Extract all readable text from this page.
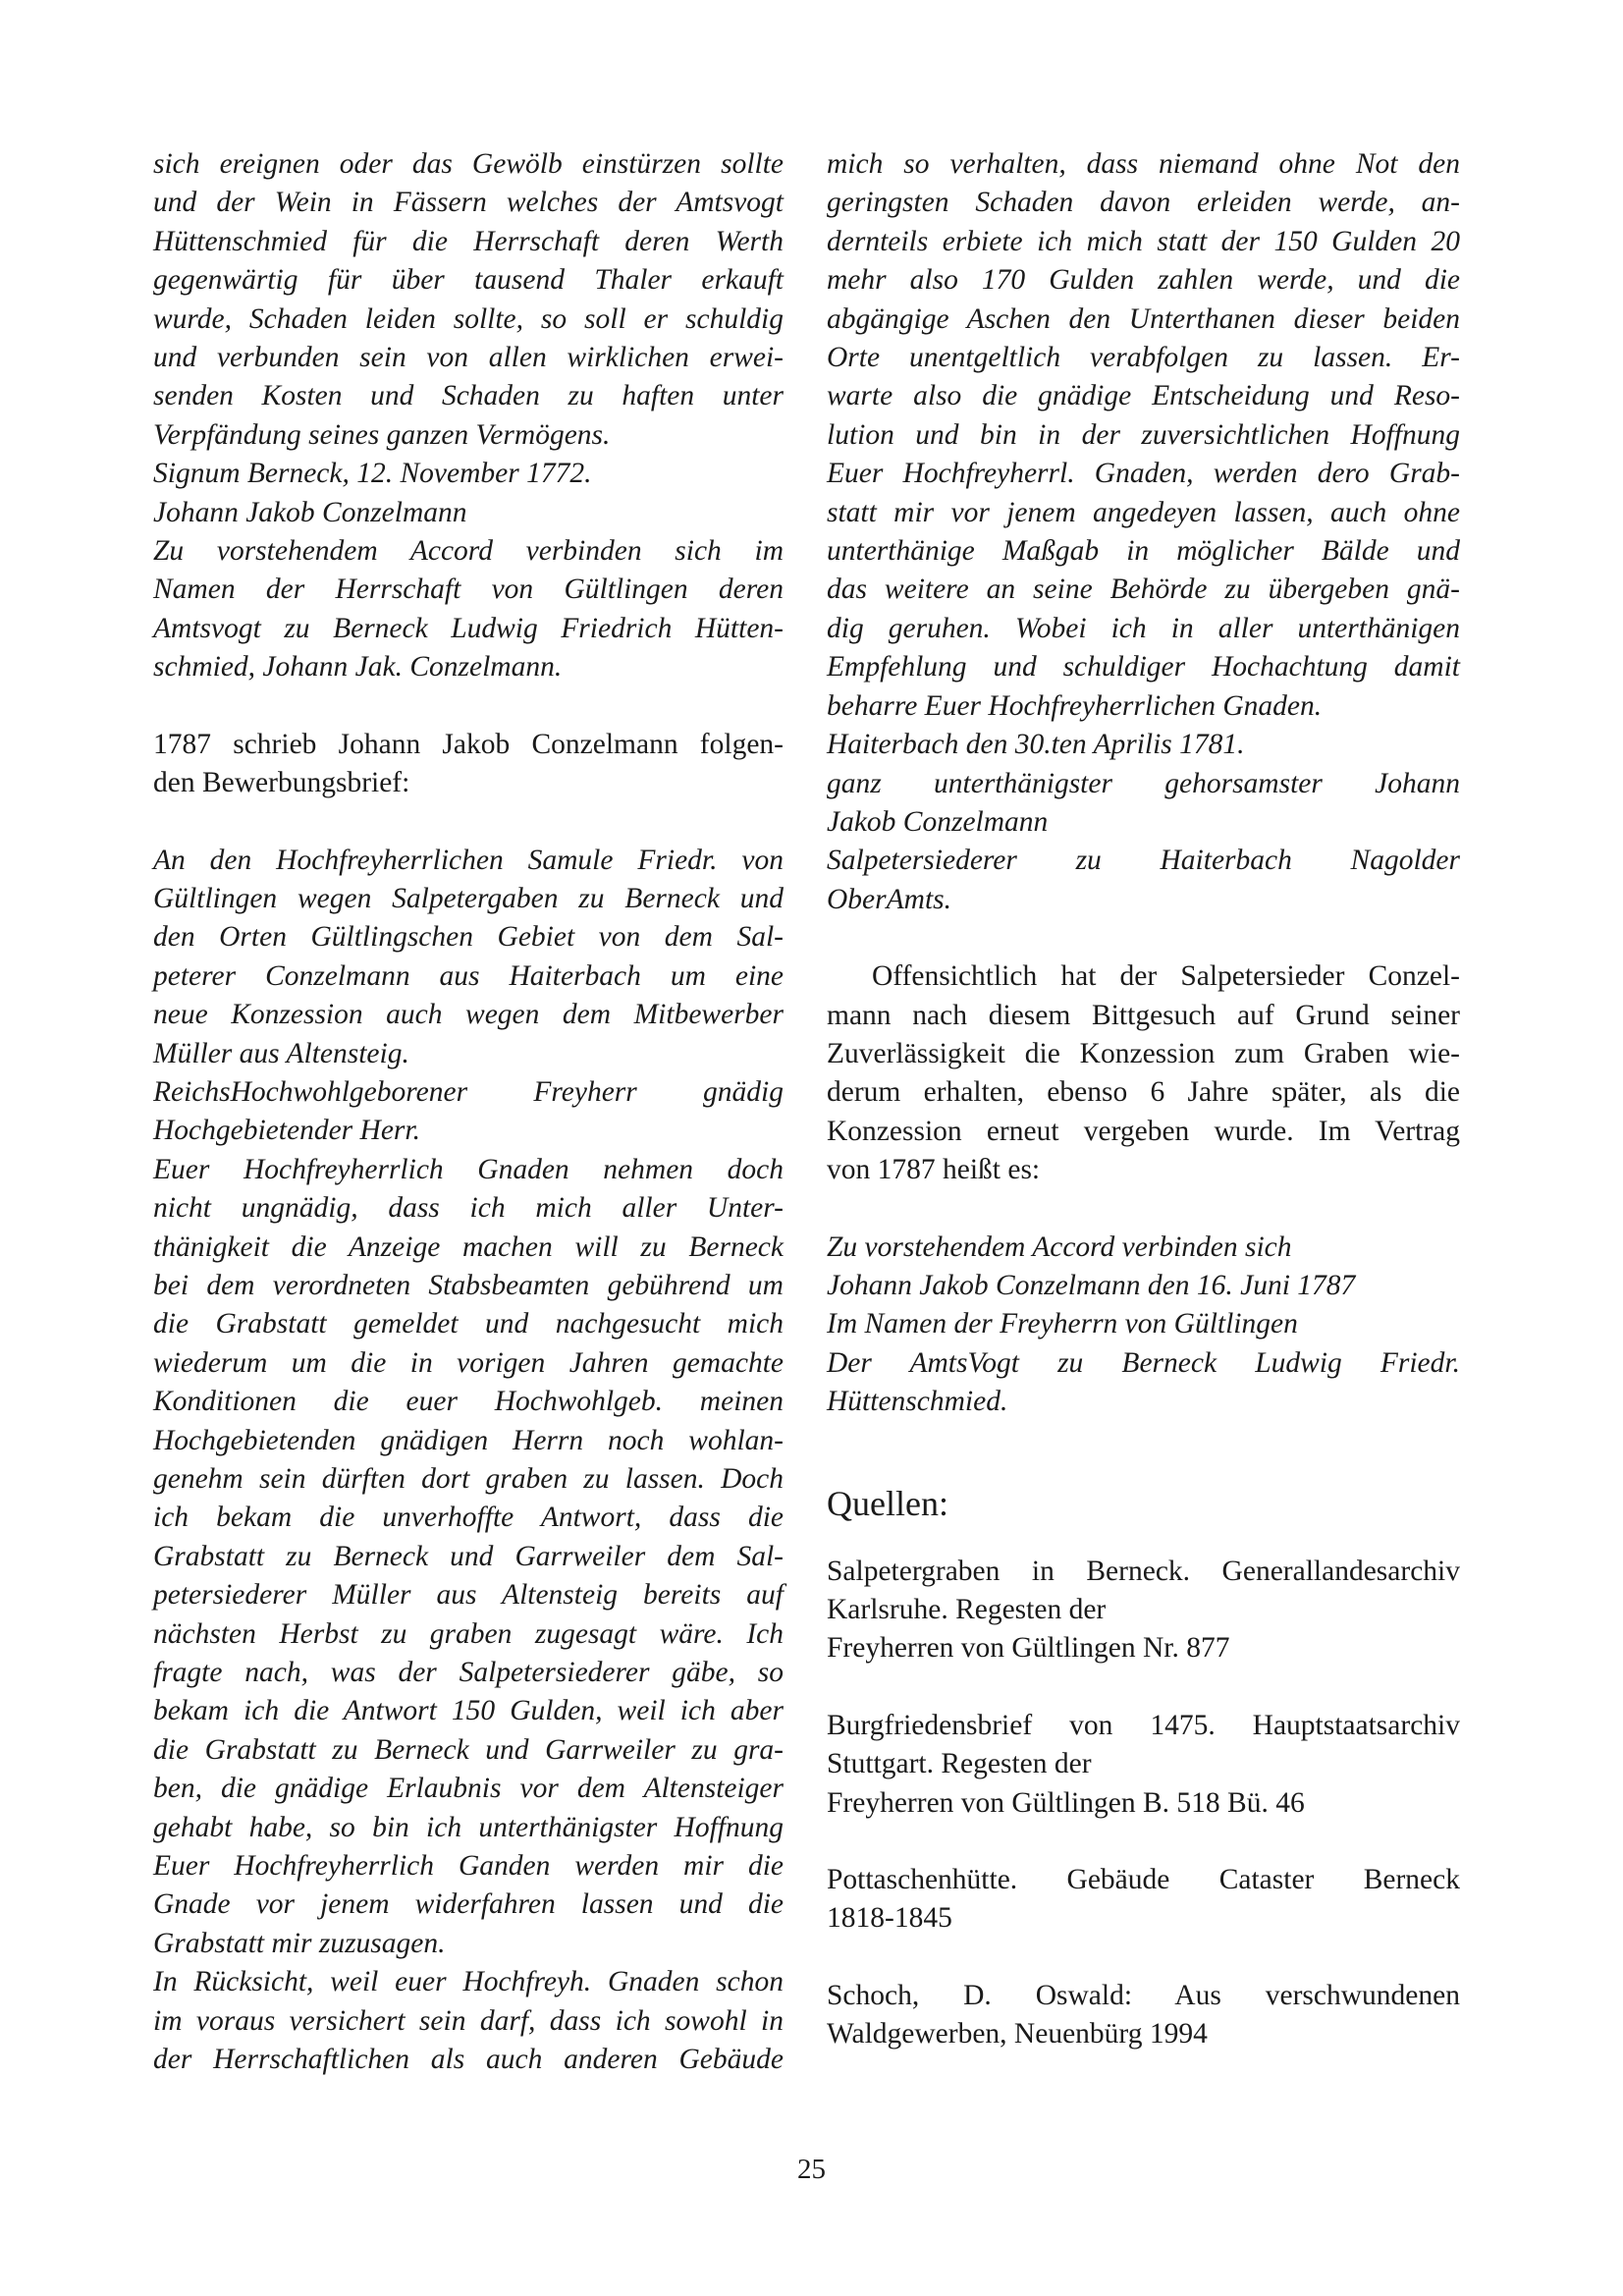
sich ereignen oder das Gewölb einstürzen sollte

und der Wein in Fässern welches der Amtsvogt

Hüttenschmied für die Herrschaft deren Werth

gegenwärtig für über tausend Thaler erkauft

wurde, Schaden leiden sollte, so soll er schuldig

und verbunden sein von allen wirklichen erwei-

senden Kosten und Schaden zu haften unter

Verpfändung seines ganzen Vermögens.

Signum Berneck, 12. November 1772.

Johann Jakob Conzelmann

Zu vorstehendem Accord verbinden sich im

Namen der Herrschaft von Gültlingen deren

Amtsvogt zu Berneck Ludwig Friedrich Hütten-

schmied, Johann Jak. Conzelmann.

1787 schrieb Johann Jakob Conzelmann folgen-

den Bewerbungsbrief:

An den Hochfreyherrlichen Samule Friedr. von

Gültlingen wegen Salpetergaben zu Berneck und

den Orten Gültlingschen Gebiet von dem Sal-

peterer Conzelmann aus Haiterbach um eine

neue Konzession auch wegen dem Mitbewerber

Müller aus Altensteig.

ReichsHochwohlgeborener Freyherr gnädig

Hochgebietender Herr.

Euer Hochfreyherrlich Gnaden nehmen doch

nicht ungnädig, dass ich mich aller Unter-

thänigkeit die Anzeige machen will zu Berneck

bei dem verordneten Stabsbeamten gebührend um

die Grabstatt gemeldet und nachgesucht mich

wiederum um die in vorigen Jahren gemachte

Konditionen die euer Hochwohlgeb. meinen

Hochgebietenden gnädigen Herrn noch wohlan-

genehm sein dürften dort graben zu lassen. Doch

ich bekam die unverhoffte Antwort, dass die

Grabstatt zu Berneck und Garrweiler dem Sal-

petersiederer Müller aus Altensteig bereits auf

nächsten Herbst zu graben zugesagt wäre. Ich

fragte nach, was der Salpetersiederer gäbe, so

bekam ich die Antwort 150 Gulden, weil ich aber

die Grabstatt zu Berneck und Garrweiler zu gra-

ben, die gnädige Erlaubnis vor dem Altensteiger

gehabt habe, so bin ich unterthänigster Hoffnung

Euer Hochfreyherrlich Ganden werden mir die

Gnade vor jenem widerfahren lassen und die

Grabstatt mir zuzusagen.

In Rücksicht, weil euer Hochfreyh. Gnaden schon

im voraus versichert sein darf, dass ich sowohl in

der Herrschaftlichen als auch anderen Gebäude

mich so verhalten, dass niemand ohne Not den

geringsten Schaden davon erleiden werde, an-

dernteils erbiete ich mich statt der 150 Gulden 20

mehr also 170 Gulden zahlen werde, und die

abgängige Aschen den Unterthanen dieser beiden

Orte unentgeltlich verabfolgen zu lassen. Er-

warte also die gnädige Entscheidung und Reso-

lution und bin in der zuversichtlichen Hoffnung

Euer Hochfreyherrl. Gnaden, werden dero Grab-

statt mir vor jenem angedeyen lassen, auch ohne

unterthänige Maßgab in möglicher Bälde und

das weitere an seine Behörde zu übergeben gnä-

dig geruhen. Wobei ich in aller unterthänigen

Empfehlung und schuldiger Hochachtung damit

beharre Euer Hochfreyherrlichen Gnaden.

Haiterbach den 30.ten Aprilis 1781.

ganz unterthänigster gehorsamster Johann

Jakob Conzelmann

Salpetersiederer zu Haiterbach Nagolder

OberAmts.

Offensichtlich hat der Salpetersieder Conzel-

mann nach diesem Bittgesuch auf Grund seiner

Zuverlässigkeit die Konzession zum Graben wie-

derum erhalten, ebenso 6 Jahre später, als die

Konzession erneut vergeben wurde. Im Vertrag

von 1787 heißt es:

Zu vorstehendem Accord verbinden sich

Johann Jakob Conzelmann den 16. Juni 1787

Im Namen der Freyherrn von Gültlingen

Der AmtsVogt zu Berneck Ludwig Friedr.

Hüttenschmied.

Quellen:

Salpetergraben in Berneck. Generallandesarchiv

Karlsruhe. Regesten der

Freyherren von Gültlingen Nr. 877

Burgfriedensbrief von 1475. Hauptstaatsarchiv

Stuttgart. Regesten der

Freyherren von Gültlingen B. 518 Bü. 46

Pottaschenhütte. Gebäude Cataster Berneck

1818-1845

Schoch, D. Oswald: Aus verschwundenen

Waldgewerben, Neuenbürg 1994

25
